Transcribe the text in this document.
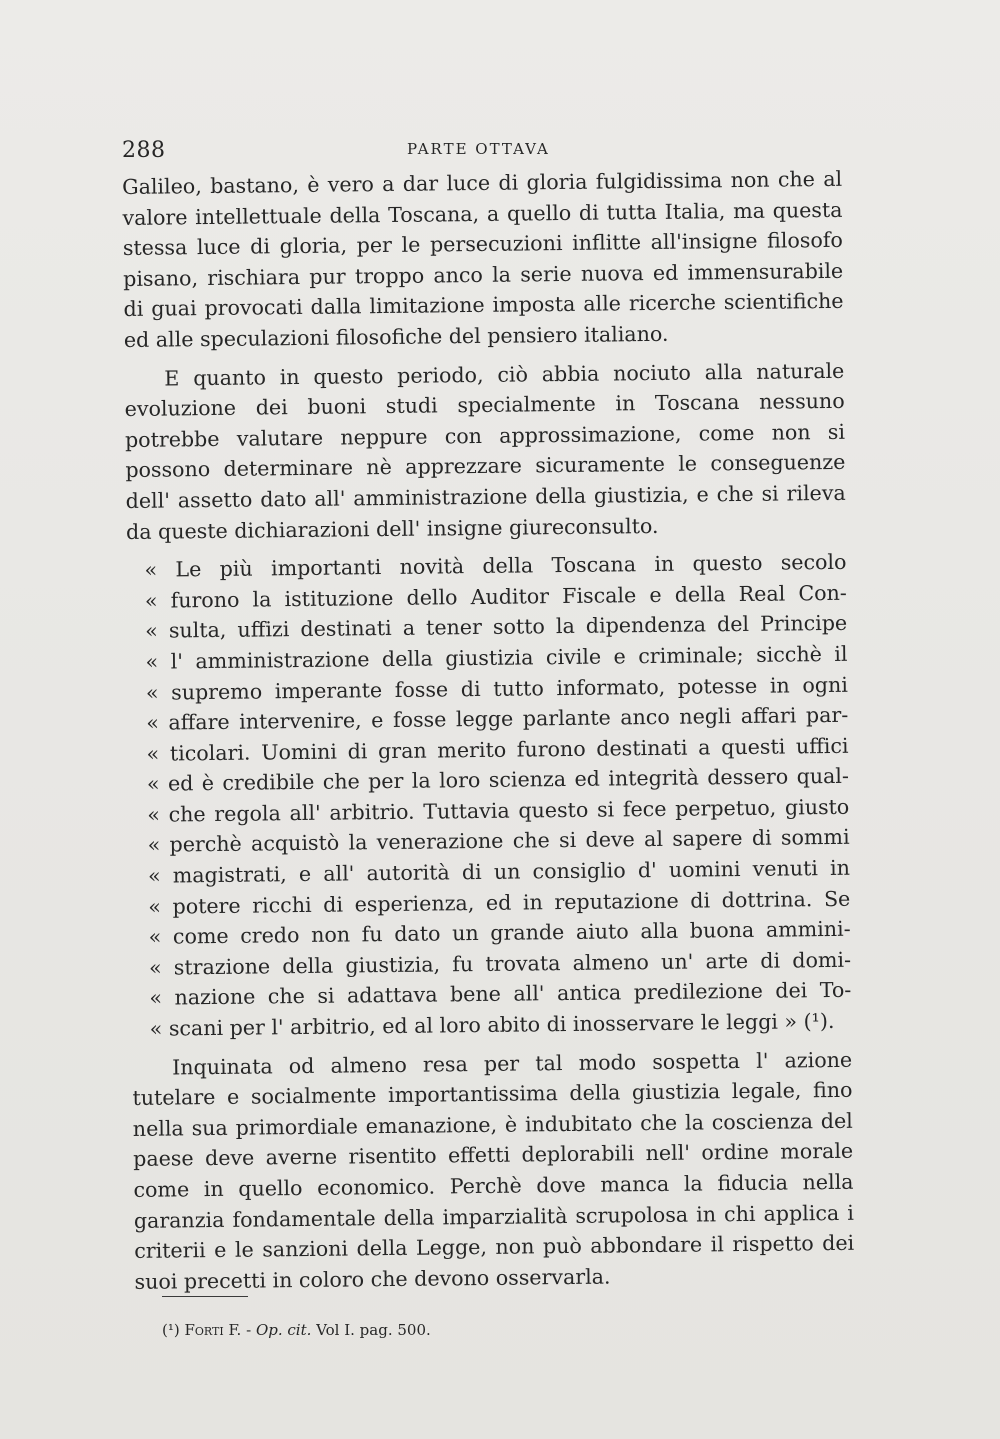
288	PARTE OTTAVA

Galileo, bastano, è vero a dar luce di gloria fulgidissima non che al valore intellettuale della Toscana, a quello di tutta Italia, ma questa stessa luce di gloria, per le persecuzioni inflitte all'insigne filosofo pisano, rischiara pur troppo anco la serie nuova ed immensurabile di guai provocati dalla limitazione imposta alle ricerche scientifiche ed alle speculazioni filosofiche del pensiero italiano.

E quanto in questo periodo, ciò abbia nociuto alla naturale evoluzione dei buoni studi specialmente in Toscana nessuno potrebbe valutare neppure con approssimazione, come non si possono determinare nè apprezzare sicuramente le conseguenze dell' assetto dato all' amministrazione della giustizia, e che si rileva da queste dichiarazioni dell' insigne giureconsulto.

« Le più importanti novità della Toscana in questo secolo
« furono la istituzione dello Auditor Fiscale e della Real Con-
« sulta, uffizi destinati a tener sotto la dipendenza del Principe
« l' amministrazione della giustizia civile e criminale; sicchè il
« supremo imperante fosse di tutto informato, potesse in ogni
« affare intervenire, e fosse legge parlante anco negli affari par-
« ticolari. Uomini di gran merito furono destinati a questi uffici
« ed è credibile che per la loro scienza ed integrità dessero qual-
« che regola all' arbitrio. Tuttavia questo si fece perpetuo, giusto
« perchè acquistò la venerazione che si deve al sapere di sommi
« magistrati, e all' autorità di un consiglio d' uomini venuti in
« potere ricchi di esperienza, ed in reputazione di dottrina. Se
« come credo non fu dato un grande aiuto alla buona ammini-
« strazione della giustizia, fu trovata almeno un' arte di domi-
« nazione che si adattava bene all' antica predilezione dei To-
« scani per l' arbitrio, ed al loro abito di inosservare le leggi » (¹).

Inquinata od almeno resa per tal modo sospetta l' azione tutelare e socialmente importantissima della giustizia legale, fino nella sua primordiale emanazione, è indubitato che la coscienza del paese deve averne risentito effetti deplorabili nell' ordine morale come in quello economico. Perchè dove manca la fiducia nella garanzia fondamentale della imparzialità scrupolosa in chi applica i criterii e le sanzioni della Legge, non può abbondare il rispetto dei suoi precetti in coloro che devono osservarla.

(¹) Forti F. - Op. cit. Vol I. pag. 500.
